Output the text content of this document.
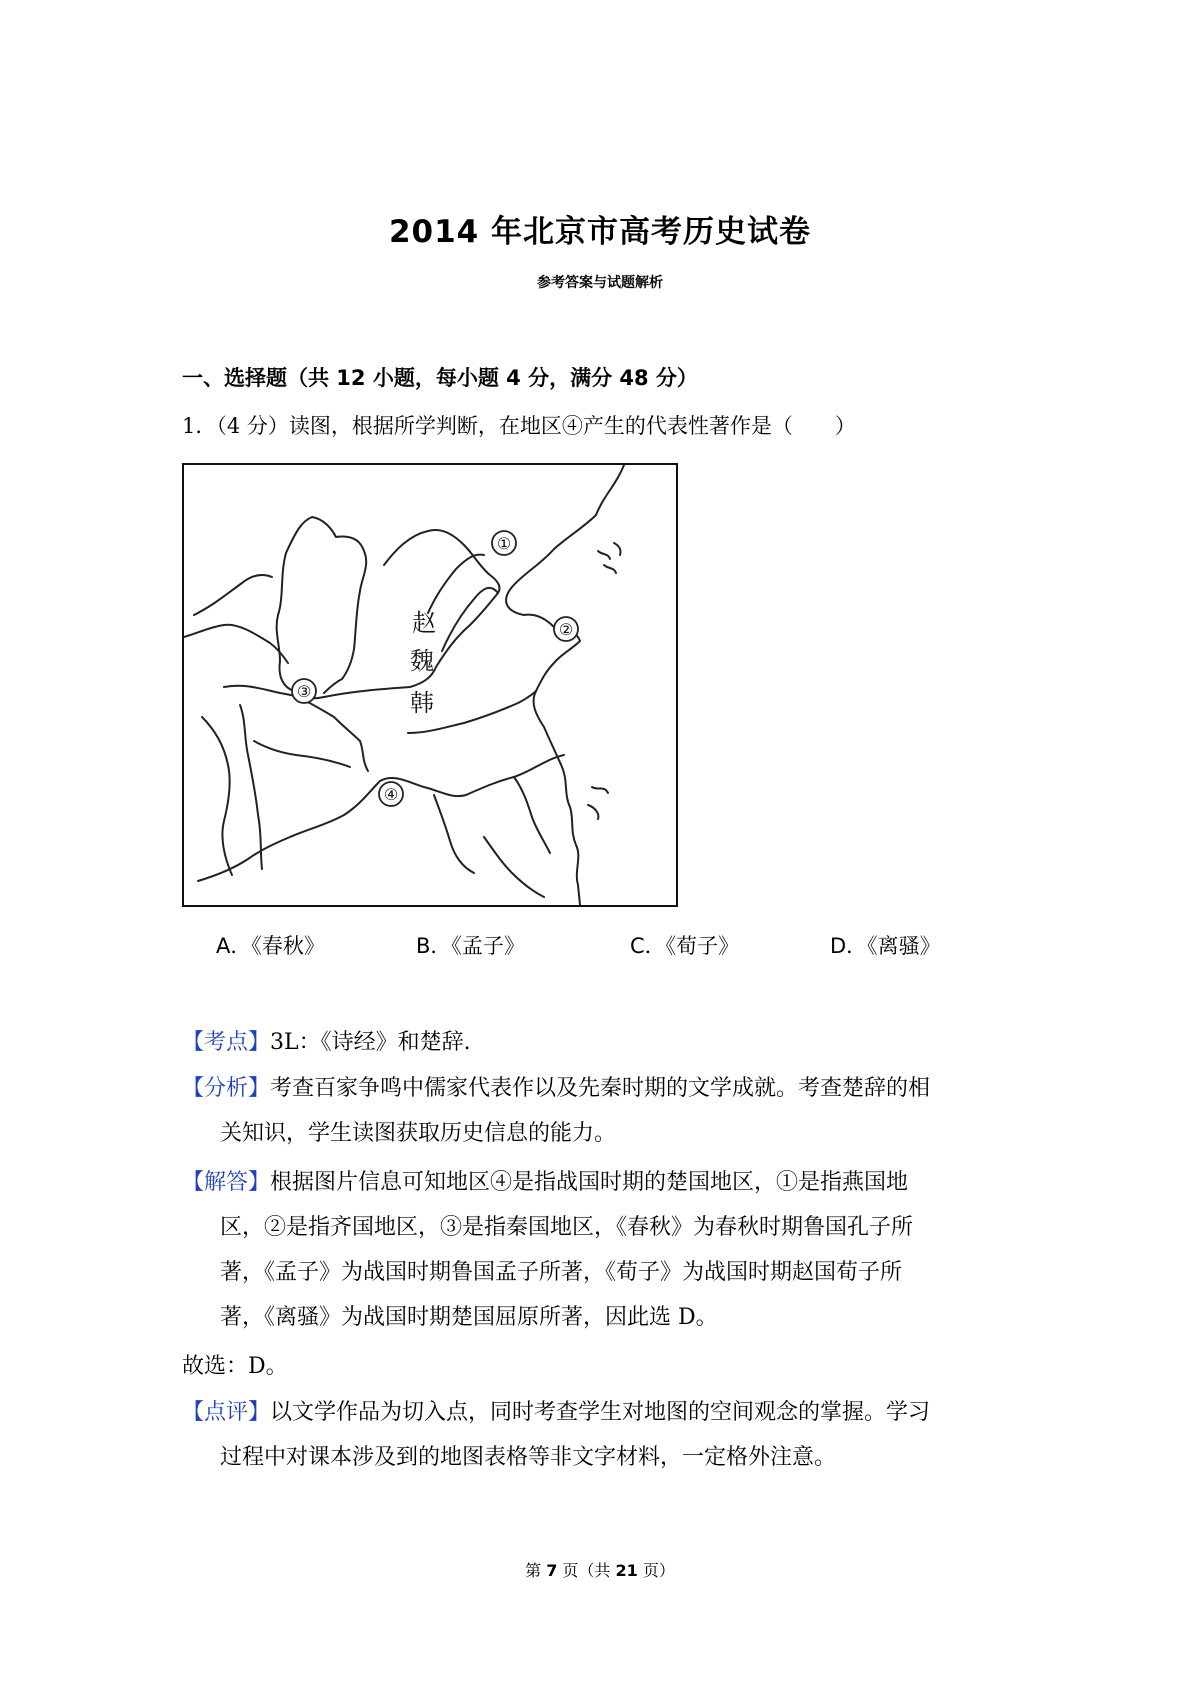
2014 年北京市高考历史试卷
参考答案与试题解析
一、选择题（共 12 小题，每小题 4 分，满分 48 分）
1．（4 分）读图，根据所学判断，在地区④产生的代表性著作是（　　）
①
②
③
④
赵
魏
韩
A．《春秋》	B．《孟子》	C．《荀子》	D．《离骚》
【考点】3L：《诗经》和楚辞.
【分析】考查百家争鸣中儒家代表作以及先秦时期的文学成就。考查楚辞的相
关知识，学生读图获取历史信息的能力。
【解答】根据图片信息可知地区④是指战国时期的楚国地区，①是指燕国地
区，②是指齐国地区，③是指秦国地区，《春秋》为春秋时期鲁国孔子所
著，《孟子》为战国时期鲁国孟子所著，《荀子》为战国时期赵国荀子所
著，《离骚》为战国时期楚国屈原所著，因此选 D。
故选：D。
【点评】以文学作品为切入点，同时考查学生对地图的空间观念的掌握。学习
过程中对课本涉及到的地图表格等非文字材料，一定格外注意。
第 7 页（共 21 页）
